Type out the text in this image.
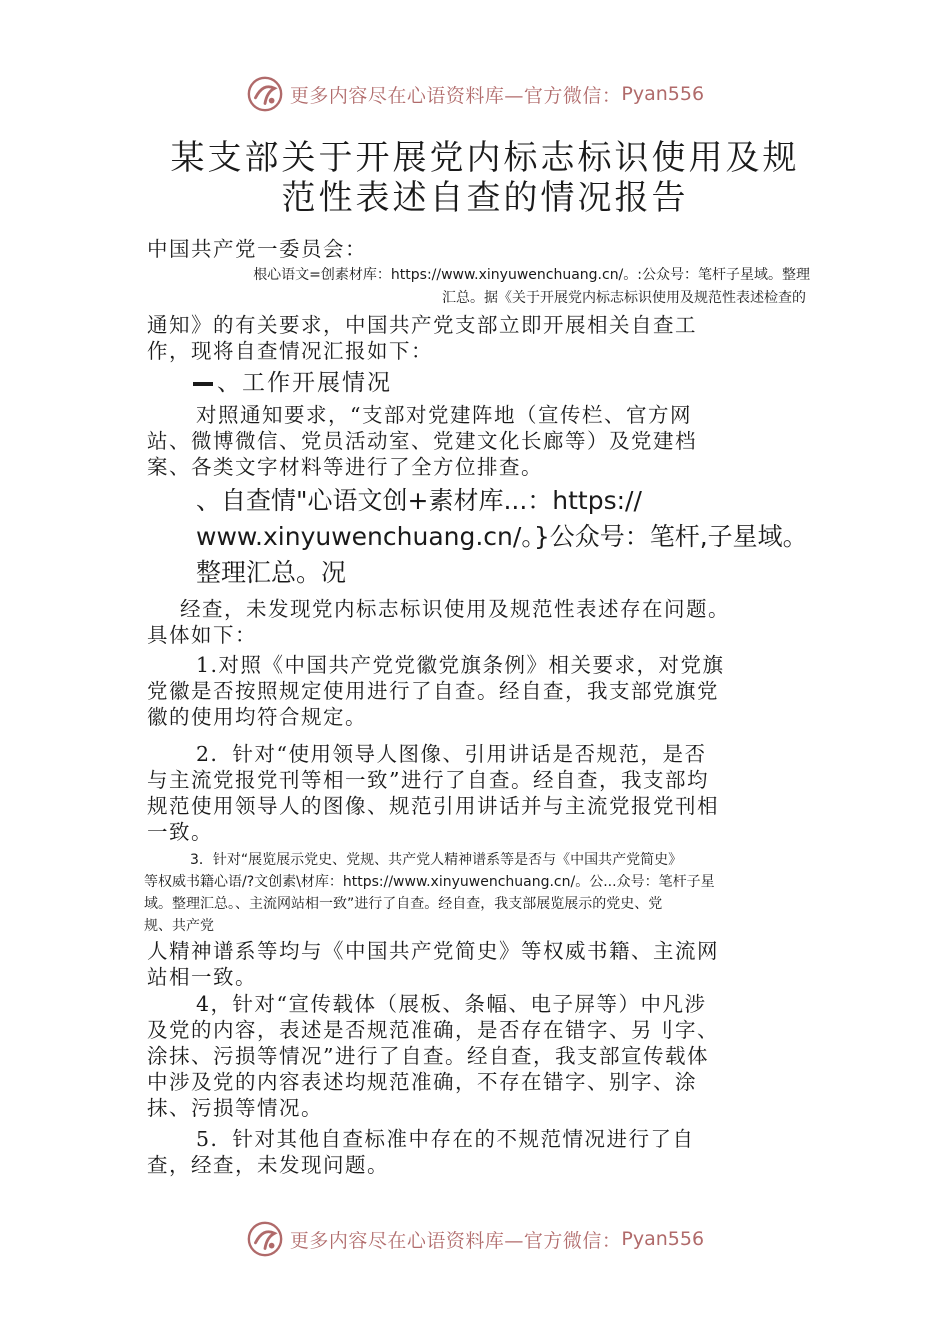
更多内容尽在心语资料库—官方微信： Pyan556
某支部关于开展党内标志标识使用及规
范性表述自查的情况报告
中国共产党一委员会：
根心语文=创素材库：https://www.xinyuwenchuang.cn/。:公众号：笔杆子星域。整理
汇总。据《关于开展党内标志标识使用及规范性表述检查的
通知》的有关要求，中国共产党支部立即开展相关自查工
作，现将自查情况汇报如下：
、工作开展情况
对照通知要求，“支部对党建阵地（宣传栏、官方网
站、微博微信、党员活动室、党建文化长廊等）及党建档
案、各类文字材料等进行了全方位排查。
、自查情"心语文创+素材库...：https://
www.xinyuwenchuang.cn/。}公众号：笔杆,子星域。
整理汇总。况
经查，未发现党内标志标识使用及规范性表述存在问题。
具体如下：
1.对照《中国共产党党徽党旗条例》相关要求，对党旗
党徽是否按照规定使用进行了自查。经自查，我支部党旗党
徽的使用均符合规定。
2．针对“使用领导人图像、引用讲话是否规范，是否
与主流党报党刊等相一致”进行了自查。经自查，我支部均
规范使用领导人的图像、规范引用讲话并与主流党报党刊相
一致。
3．针对“展览展示党史、党规、共产党人精神谱系等是否与《中国共产党简史》
等权威书籍心语/?文创素\材库：https://www.xinyuwenchuang.cn/。公...众号：笔杆子星
域。整理汇总。、主流网站相一致”进行了自查。经自查，我支部展览展示的党史、党
规、共产党
人精神谱系等均与《中国共产党简史》等权威书籍、主流网
站相一致。
4，针对“宣传载体（展板、条幅、电子屏等）中凡涉
及党的内容，表述是否规范准确，是否存在错字、另刂字、
涂抹、污损等情况”进行了自查。经自查，我支部宣传载体
中涉及党的内容表述均规范准确，不存在错字、别字、涂
抹、污损等情况。
5．针对其他自查标准中存在的不规范情况进行了自
查，经查，未发现问题。
更多内容尽在心语资料库—官方微信： Pyan556
